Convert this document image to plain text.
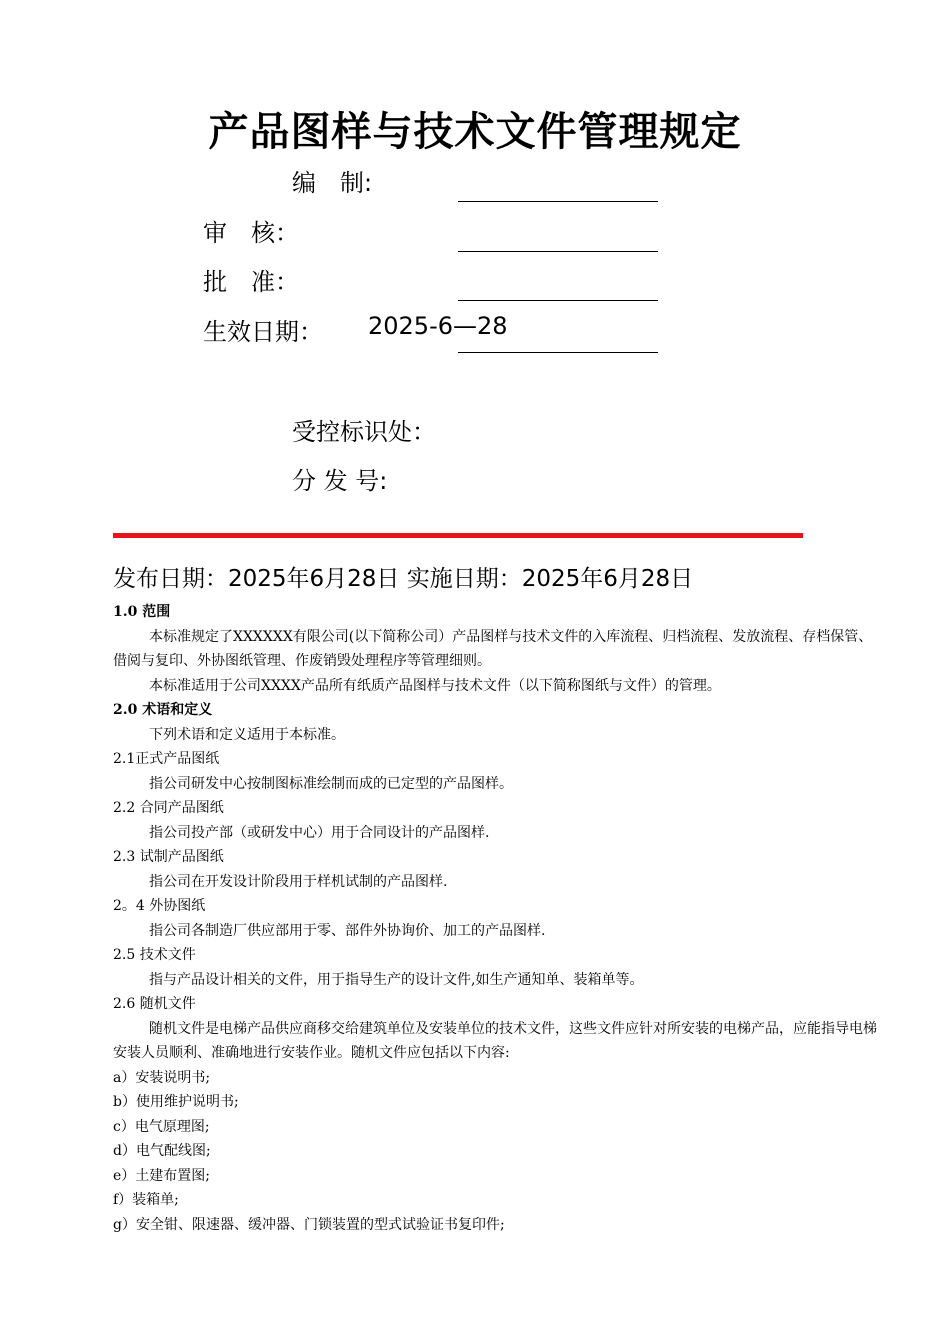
产品图样与技术文件管理规定
编　制:
审　核：
批　准：
生效日期： 2025-6—28
受控标识处：
分 发 号:
发布日期：2025年6月28日 实施日期：2025年6月28日

1.0 范围

本标准规定了XXXXXX有限公司(以下简称公司）产品图样与技术文件的入库流程、归档流程、发放流程、存档保管、借阅与复印、外协图纸管理、作废销毁处理程序等管理细则。

本标准适用于公司XXXX产品所有纸质产品图样与技术文件（以下简称图纸与文件）的管理。

2.0 术语和定义

下列术语和定义适用于本标准。

2.1正式产品图纸

指公司研发中心按制图标准绘制而成的已定型的产品图样。

2.2 合同产品图纸

指公司投产部（或研发中心）用于合同设计的产品图样.

2.3 试制产品图纸

指公司在开发设计阶段用于样机试制的产品图样.

2。4 外协图纸

指公司各制造厂供应部用于零、部件外协询价、加工的产品图样.

2.5 技术文件

指与产品设计相关的文件，用于指导生产的设计文件,如生产通知单、装箱单等。

2.6 随机文件

随机文件是电梯产品供应商移交给建筑单位及安装单位的技术文件，这些文件应针对所安装的电梯产品，应能指导电梯安装人员顺利、准确地进行安装作业。随机文件应包括以下内容:

a）安装说明书;

b）使用维护说明书;

c）电气原理图;

d）电气配线图;

e）土建布置图;

f）装箱单;

g）安全钳、限速器、缓冲器、门锁装置的型式试验证书复印件;
